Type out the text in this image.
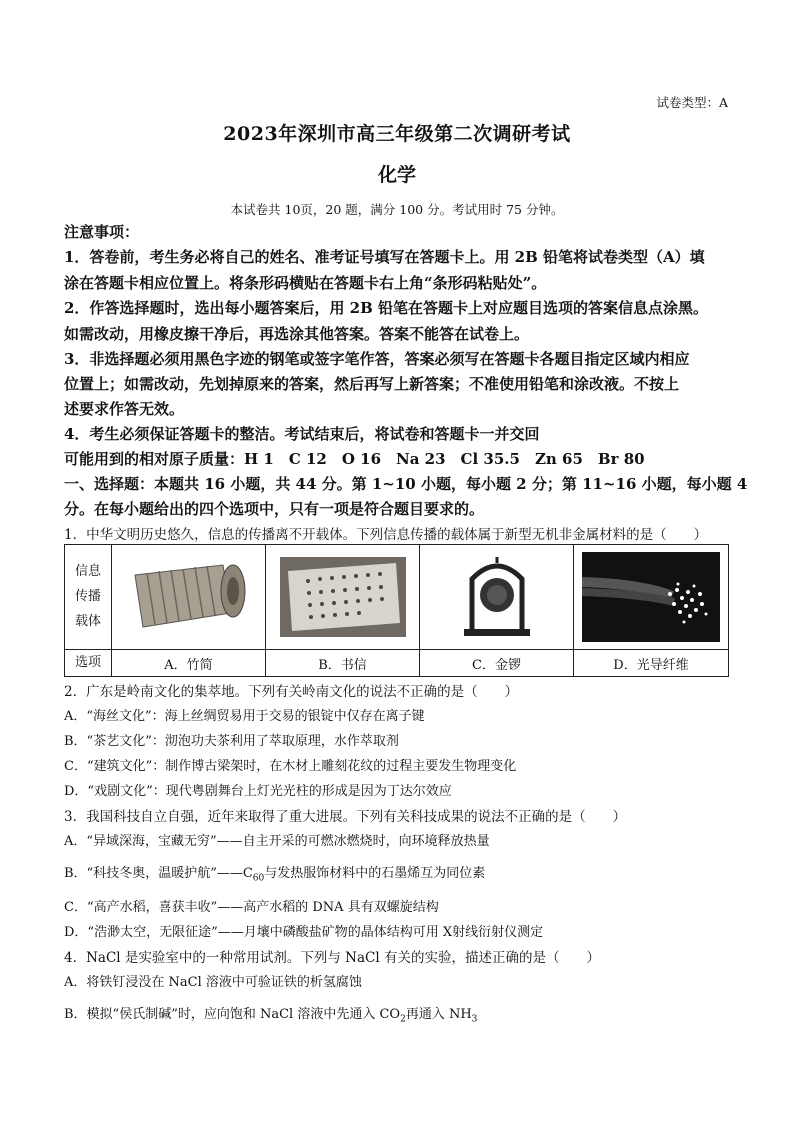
试卷类型：A
2023年深圳市高三年级第二次调研考试
化学
本试卷共 10页，20 题，满分 100 分。考试用时 75 分钟。
注意事项：
1．答卷前，考生务必将自己的姓名、准考证号填写在答题卡上。用 2B 铅笔将试卷类型（A）填
涂在答题卡相应位置上。将条形码横贴在答题卡右上角“条形码粘贴处”。
2．作答选择题时，选出每小题答案后，用 2B 铅笔在答题卡上对应题目选项的答案信息点涂黑。
如需改动，用橡皮擦干净后，再选涂其他答案。答案不能答在试卷上。
3．非选择题必须用黑色字迹的钢笔或签字笔作答，答案必须写在答题卡各题目指定区域内相应
位置上；如需改动，先划掉原来的答案，然后再写上新答案；不准使用铅笔和涂改液。不按上
述要求作答无效。
4．考生必须保证答题卡的整洁。考试结束后，将试卷和答题卡一并交回
可能用到的相对原子质量：H 1　C 12　O 16　Na 23　Cl 35.5　Zn 65　Br 80
一、选择题：本题共 16 小题，共 44 分。第 1~10 小题，每小题 2 分；第 11~16 小题，每小题 4
分。在每小题给出的四个选项中，只有一项是符合题目要求的。
1．中华文明历史悠久，信息的传播离不开载体。下列信息传播的载体属于新型无机非金属材料的是（　　）
信息传播载体	

选项	A．竹简	B．书信	C．金锣	D．光导纤维
2．广东是岭南文化的集萃地。下列有关岭南文化的说法不正确的是（　　）
A．“海丝文化”：海上丝绸贸易用于交易的银锭中仅存在离子键
B．“茶艺文化”：沏泡功夫茶利用了萃取原理，水作萃取剂
C．“建筑文化”：制作博古梁架时，在木材上雕刻花纹的过程主要发生物理变化
D．“戏剧文化”：现代粤剧舞台上灯光光柱的形成是因为丁达尔效应
3．我国科技自立自强，近年来取得了重大进展。下列有关科技成果的说法不正确的是（　　）
A．“异域深海，宝藏无穷”——自主开采的可燃冰燃烧时，向环境释放热量
B．“科技冬奥，温暖护航$”——C_{60}$与发热服饰材料中的石墨烯互为同位素
C．“高产水稻，喜获丰收”——高产水稻的 DNA 具有双螺旋结构
D．“浩渺太空，无限征途”——月壤中磷酸盐矿物的晶体结构可用 X射线衍射仪测定
4．NaCl 是实验室中的一种常用试剂。下列与 NaCl 有关的实验，描述正确的是（　　）
A．将铁钉浸没在 NaCl 溶液中可验证铁的析氢腐蚀
B．模拟“侯氏制碱”时，应向饱和 NaCl 溶液中先通入 $CO_2$再通入 $NH_3$
